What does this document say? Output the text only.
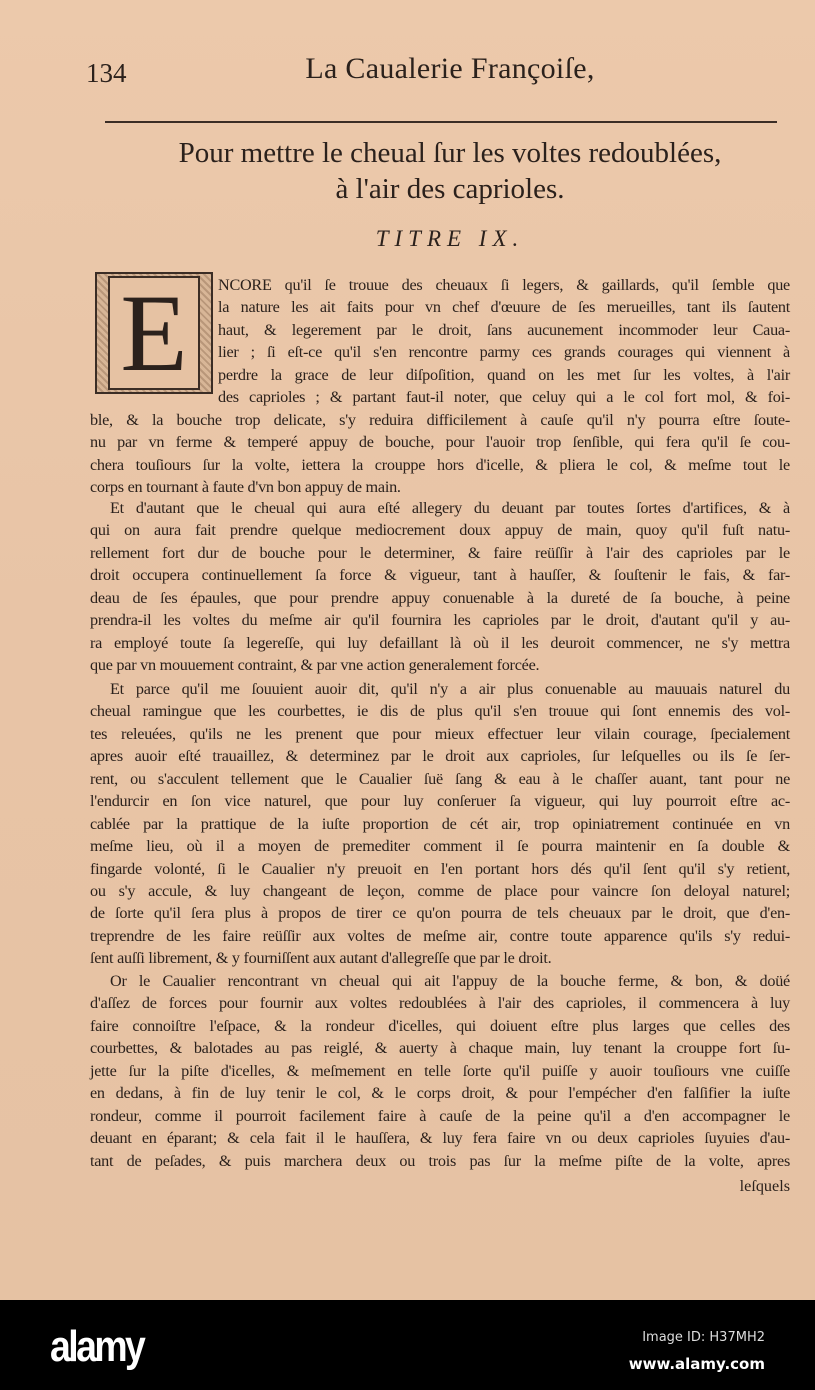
134	La Caualerie Françoiſe,
Pour mettre le cheual ſur les voltes redoublées,
à l'air des caprioles.
TITRE IX.
E	NCORE qu'il ſe trouue des cheuaux ſi legers, & gaillards, qu'il ſemble que
la nature les ait faits pour vn chef d'œuure de ſes merueilles, tant ils ſautent
haut, & legerement par le droit, ſans aucunement incommoder leur Caua-
lier ; ſi eſt-ce qu'il s'en rencontre parmy ces grands courages qui viennent à
perdre la grace de leur diſpoſition, quand on les met ſur les voltes, à l'air
des caprioles ; & partant faut-il noter, que celuy qui a le col fort mol, & foi-
ble, & la bouche trop delicate, s'y reduira difficilement à cauſe qu'il n'y pourra eſtre ſoute-
nu par vn ferme & temperé appuy de bouche, pour l'auoir trop ſenſible, qui fera qu'il ſe cou-
chera touſiours ſur la volte, iettera la crouppe hors d'icelle, & pliera le col, & meſme tout le
corps en tournant à faute d'vn bon appuy de main.
Et d'autant que le cheual qui aura eſté allegery du deuant par toutes ſortes d'artifices, & à
qui on aura fait prendre quelque mediocrement doux appuy de main, quoy qu'il fuſt natu-
rellement fort dur de bouche pour le determiner, & faire reüſſir à l'air des caprioles par le
droit occupera continuellement ſa force & vigueur, tant à hauſſer, & ſouſtenir le fais, & far-
deau de ſes épaules, que pour prendre appuy conuenable à la dureté de ſa bouche, à peine
prendra-il les voltes du meſme air qu'il fournira les caprioles par le droit, d'autant qu'il y au-
ra employé toute ſa legereſſe, qui luy defaillant là où il les deuroit commencer, ne s'y mettra
que par vn mouuement contraint, & par vne action generalement forcée.
Et parce qu'il me ſouuient auoir dit, qu'il n'y a air plus conuenable au mauuais naturel du
cheual ramingue que les courbettes, ie dis de plus qu'il s'en trouue qui ſont ennemis des vol-
tes releuées, qu'ils ne les prenent que pour mieux effectuer leur vilain courage, ſpecialement
apres auoir eſté trauaillez, & determinez par le droit aux caprioles, ſur leſquelles ou ils ſe ſer-
rent, ou s'acculent tellement que le Caualier ſuë ſang & eau à le chaſſer auant, tant pour ne
l'endurcir en ſon vice naturel, que pour luy conſeruer ſa vigueur, qui luy pourroit eſtre ac-
cablée par la prattique de la iuſte proportion de cét air, trop opiniatrement continuée en vn
meſme lieu, où il a moyen de premediter comment il ſe pourra maintenir en ſa double &
fingarde volonté, ſi le Caualier n'y preuoit en l'en portant hors dés qu'il ſent qu'il s'y retient,
ou s'y accule, & luy changeant de leçon, comme de place pour vaincre ſon deloyal naturel;
de ſorte qu'il ſera plus à propos de tirer ce qu'on pourra de tels cheuaux par le droit, que d'en-
treprendre de les faire reüſſir aux voltes de meſme air, contre toute apparence qu'ils s'y redui-
ſent auſſi librement, & y fourniſſent aux autant d'allegreſſe que par le droit.
Or le Caualier rencontrant vn cheual qui ait l'appuy de la bouche ferme, & bon, & doüé
d'aſſez de forces pour fournir aux voltes redoublées à l'air des caprioles, il commencera à luy
faire connoiſtre l'eſpace, & la rondeur d'icelles, qui doiuent eſtre plus larges que celles des
courbettes, & balotades au pas reiglé, & auerty à chaque main, luy tenant la crouppe fort ſu-
jette ſur la piſte d'icelles, & meſmement en telle ſorte qu'il puiſſe y auoir touſiours vne cuiſſe
en dedans, à fin de luy tenir le col, & le corps droit, & pour l'empécher d'en falſifier la iuſte
rondeur, comme il pourroit facilement faire à cauſe de la peine qu'il a d'en accompagner le
deuant en éparant; & cela fait il le hauſſera, & luy fera faire vn ou deux caprioles ſuyuies d'au-
tant de peſades, & puis marchera deux ou trois pas ſur la meſme piſte de la volte, apres
leſquels
alamy	Image ID: H37MH2
www.alamy.com
